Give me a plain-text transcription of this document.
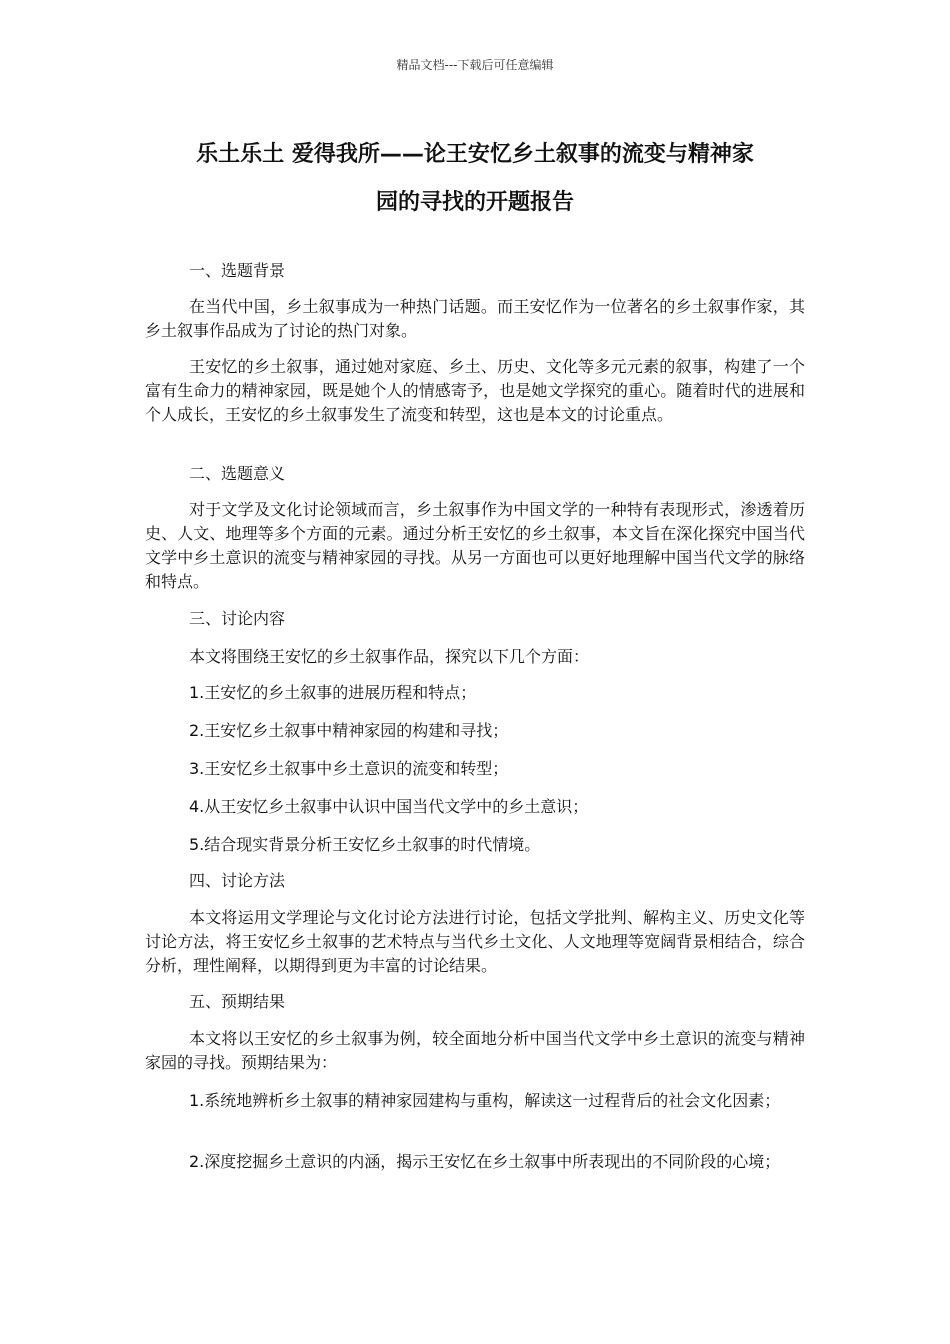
精品文档---下载后可任意编辑
乐土乐土 爱得我所——论王安忆乡土叙事的流变与精神家
园的寻找的开题报告
一、选题背景
在当代中国，乡土叙事成为一种热门话题。而王安忆作为一位著名的乡土叙事作家，其乡土叙事作品成为了讨论的热门对象。
王安忆的乡土叙事，通过她对家庭、乡土、历史、文化等多元元素的叙事，构建了一个富有生命力的精神家园，既是她个人的情感寄予，也是她文学探究的重心。随着时代的进展和个人成长，王安忆的乡土叙事发生了流变和转型，这也是本文的讨论重点。
二、选题意义
对于文学及文化讨论领域而言，乡土叙事作为中国文学的一种特有表现形式，渗透着历史、人文、地理等多个方面的元素。通过分析王安忆的乡土叙事，本文旨在深化探究中国当代文学中乡土意识的流变与精神家园的寻找。从另一方面也可以更好地理解中国当代文学的脉络和特点。
三、讨论内容
本文将围绕王安忆的乡土叙事作品，探究以下几个方面：
1.王安忆的乡土叙事的进展历程和特点；
2.王安忆乡土叙事中精神家园的构建和寻找；
3.王安忆乡土叙事中乡土意识的流变和转型；
4.从王安忆乡土叙事中认识中国当代文学中的乡土意识；
5.结合现实背景分析王安忆乡土叙事的时代情境。
四、讨论方法
本文将运用文学理论与文化讨论方法进行讨论，包括文学批判、解构主义、历史文化等讨论方法，将王安忆乡土叙事的艺术特点与当代乡土文化、人文地理等宽阔背景相结合，综合分析，理性阐释，以期得到更为丰富的讨论结果。
五、预期结果
本文将以王安忆的乡土叙事为例，较全面地分析中国当代文学中乡土意识的流变与精神家园的寻找。预期结果为：
1.系统地辨析乡土叙事的精神家园建构与重构，解读这一过程背后的社会文化因素；
2.深度挖掘乡土意识的内涵，揭示王安忆在乡土叙事中所表现出的不同阶段的心境；
